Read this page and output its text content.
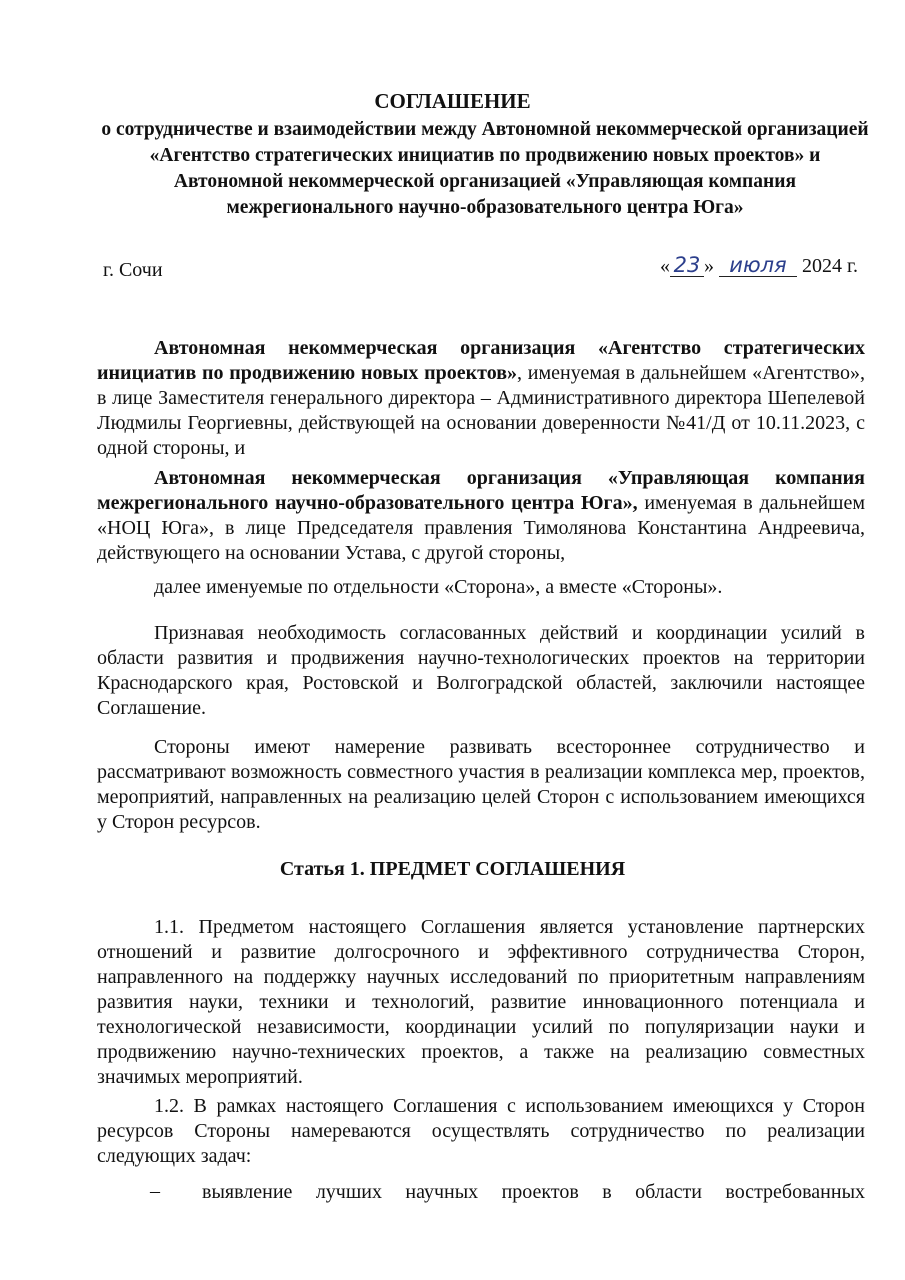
СОГЛАШЕНИЕ
о сотрудничестве и взаимодействии между Автономной некоммерческой организацией «Агентство стратегических инициатив по продвижению новых проектов» и Автономной некоммерческой организацией «Управляющая компания межрегионального научно-образовательного центра Юга»
г. Сочи	« 23 » июля 2024 г.

Автономная некоммерческая организация «Агентство стратегических инициатив по продвижению новых проектов», именуемая в дальнейшем «Агентство», в лице Заместителя генерального директора – Административного директора Шепелевой Людмилы Георгиевны, действующей на основании доверенности №41/Д от 10.11.2023, с одной стороны, и

Автономная некоммерческая организация «Управляющая компания межрегионального научно-образовательного центра Юга», именуемая в дальнейшем «НОЦ Юга», в лице Председателя правления Тимолянова Константина Андреевича, действующего на основании Устава, с другой стороны,

далее именуемые по отдельности «Сторона», а вместе «Стороны».

Признавая необходимость согласованных действий и координации усилий в области развития и продвижения научно-технологических проектов на территории Краснодарского края, Ростовской и Волгоградской областей, заключили настоящее Соглашение.

Стороны имеют намерение развивать всестороннее сотрудничество и рассматривают возможность совместного участия в реализации комплекса мер, проектов, мероприятий, направленных на реализацию целей Сторон с использованием имеющихся у Сторон ресурсов.

Статья 1. ПРЕДМЕТ СОГЛАШЕНИЯ

1.1. Предметом настоящего Соглашения является установление партнерских отношений и развитие долгосрочного и эффективного сотрудничества Сторон, направленного на поддержку научных исследований по приоритетным направлениям развития науки, техники и технологий, развитие инновационного потенциала и технологической независимости, координации усилий по популяризации науки и продвижению научно-технических проектов, а также на реализацию совместных значимых мероприятий.

1.2. В рамках настоящего Соглашения с использованием имеющихся у Сторон ресурсов Стороны намереваются осуществлять сотрудничество по реализации следующих задач:

– выявление лучших научных проектов в области востребованных
